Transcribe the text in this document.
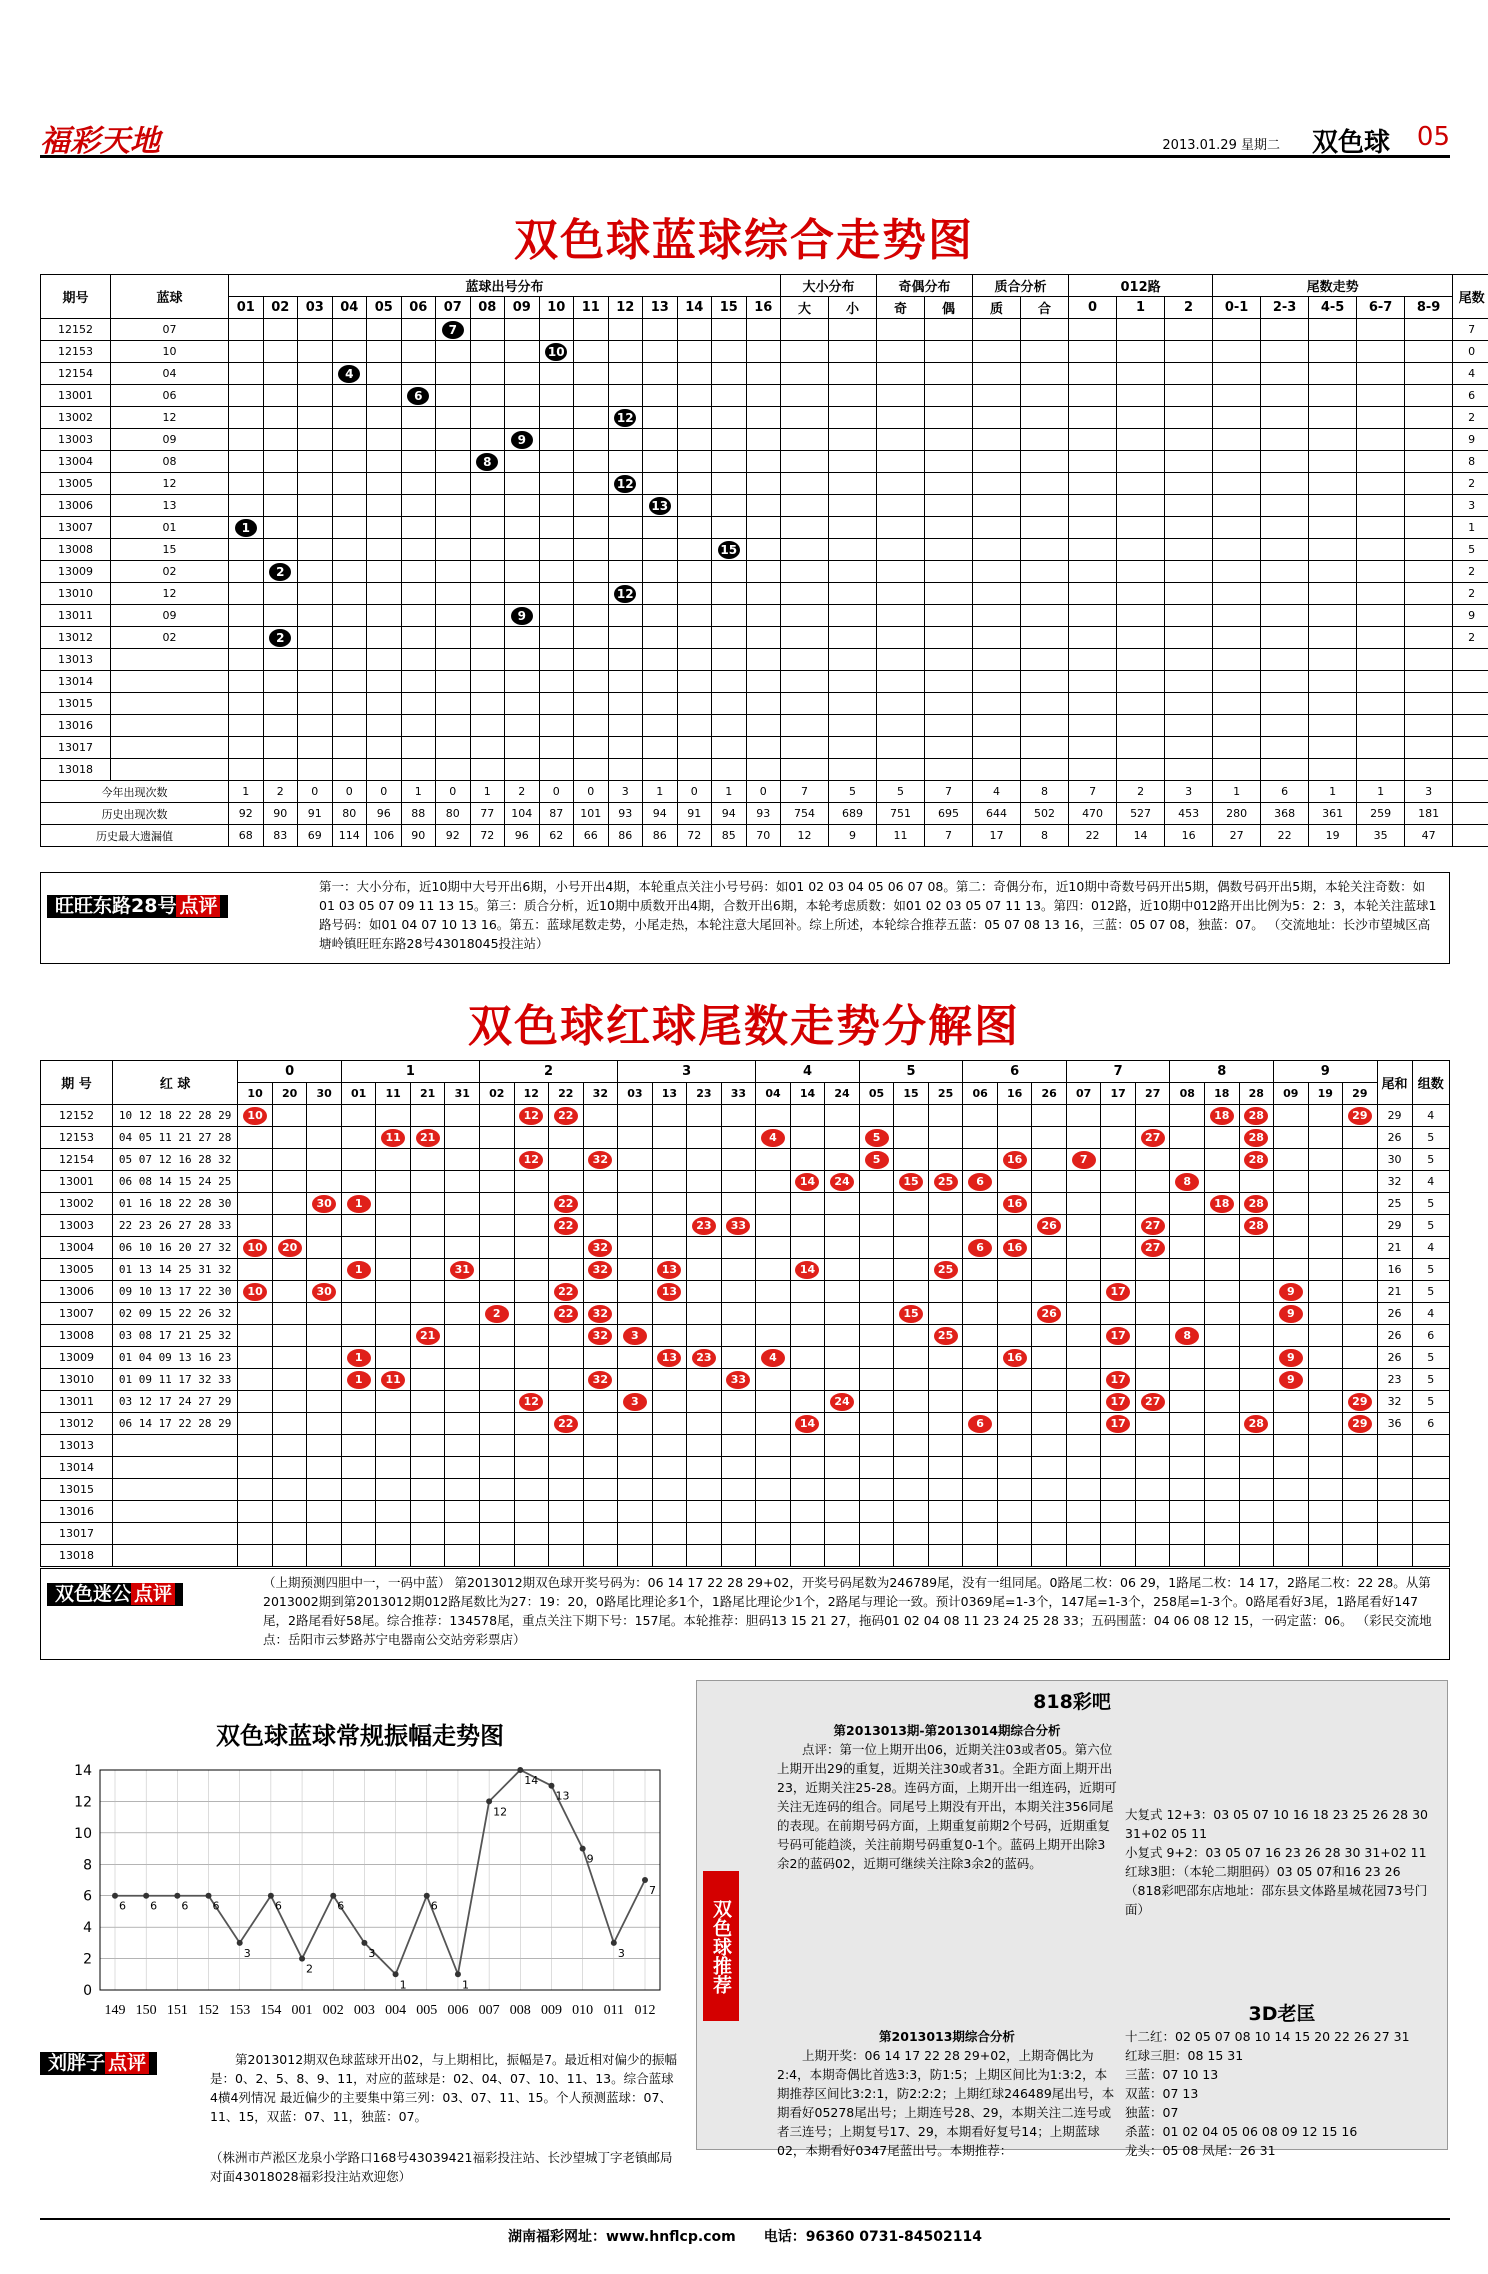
福彩天地	2013.01.29 星期二 双色球 05
双色球蓝球综合走势图
期号	蓝球	蓝球出号分布																大小分布		奇偶分布		质合分析		012路			尾数走势					尾数
		01	02	03	04	05	06	07	08	09	10	11	12	13	14	15	16	大	小	奇	偶	质	合	0	1	2	0-1	2-3	4-5	6-7	8-9	
12152	07							7																								7
12153	10										10																					0
12154	04				4																											4
13001	06						6																									6
13002	12												12																			2
13003	09									9																						9
13004	08								8																							8
13005	12												12																			2
13006	13													13																		3
13007	01	1																														1
13008	15															15																5
13009	02		2																													2
13010	12												12																			2
13011	09									9																						9
13012	02		2																													2
13013																																
13014																																
13015																																
13016																																
13017																																
13018																																
今年出现次数		1	2	0	0	0	1	0	1	2	0	0	3	1	0	1	0	7	5	5	7	4	8	7	2	3	1	6	1	1	3	
历史出现次数		92	90	91	80	96	88	80	77	104	87	101	93	94	91	94	93	754	689	751	695	644	502	470	527	453	280	368	361	259	181	
历史最大遗漏值		68	83	69	114	106	90	92	72	96	62	66	86	86	72	85	70	12	9	11	7	17	8	22	14	16	27	22	19	35	47	
旺旺东路28号 点评
第一：大小分布，近10期中大号开出6期，小号开出4期，本轮重点关注小号号码：如01 02 03 04 05 06 07 08。第二：奇偶分布，近10期中奇数号码开出5期，偶数号码开出5期，本轮关注奇数：如01 03 05 07 09 11 13 15。第三：质合分析，近10期中质数开出4期，合数开出6期，本轮考虑质数：如01 02 03 05 07 11 13。第四：012路，近10期中012路开出比例为5：2：3，本轮关注蓝球1路号码：如01 04 07 10 13 16。第五：蓝球尾数走势，小尾走热，本轮注意大尾回补。综上所述，本轮综合推荐五蓝：05 07 08 13 16，三蓝：05 07 08，独蓝：07。 （交流地址：长沙市望城区高塘岭镇旺旺东路28号43018045投注站）
双色球红球尾数走势分解图
期 号	红 球	0			1				2				3				4			5			6			7			8			9			尾和	组数
		10	20	30	01	11	21	31	02	12	22	32	03	13	23	33	04	14	24	05	15	25	06	16	26	07	17	27	08	18	28	09	19	29		
12152	10 12 18 22 28 29	10								12	22																			18	28			29	29	4
12153	04 05 11 21 27 28					11	21										4			5								27			28				26	5
12154	05 07 12 16 28 32									12		32								5				16		7					28				30	5
13001	06 08 14 15 24 25																	14	24		15	25	6						8						32	4
13002	01 16 18 22 28 30			30	1						22													16						18	28				25	5
13003	22 23 26 27 28 33										22				23	33									26			27			28				29	5
13004	06 10 16 20 27 32	10	20									32											6	16				27							21	4
13005	01 13 14 25 31 32				1			31				32		13				14				25													16	5
13006	09 10 13 17 22 30	10		30							22			13													17					9			21	5
13007	02 09 15 22 26 32								2		22	32									15				26							9			26	4
13008	03 08 17 21 25 32						21					32	3									25					17		8						26	6
13009	01 04 09 13 16 23				1									13	23		4							16								9			26	5
13010	01 09 11 17 32 33				1	11						32				33											17					9			23	5
13011	03 12 17 24 27 29									12			3						24								17	27						29	32	5
13012	06 14 17 22 28 29										22							14					6				17				28			29	36	6
13013																																				
13014																																				
13015																																				
13016																																				
13017																																				
13018																																				
双色迷公 点评
（上期预测四胆中一，一码中蓝） 第2013012期双色球开奖号码为：06 14 17 22 28 29+02，开奖号码尾数为246789尾，没有一组同尾。0路尾二枚：06 29，1路尾二枚：14 17，2路尾二枚：22 28。从第2013002期到第2013012期012路尾数比为27：19：20，0路尾比理论多1个，1路尾比理论少1个，2路尾与理论一致。预计0369尾=1-3个，147尾=1-3个，258尾=1-3个。0路尾看好3尾，1路尾看好147尾，2路尾看好58尾。综合推荐：134578尾，重点关注下期下号：157尾。本轮推荐：胆码13 15 21 27，拖码01 02 04 08 11 23 24 25 28 33；五码围蓝：04 06 08 12 15，一码定蓝：06。 （彩民交流地点：岳阳市云梦路苏宁电器南公交站旁彩票店）
双色球蓝球常规振幅走势图
0
2
4
6
8
10
12
14
149 150 151 152 153 154 001 002 003 004 005 006 007 008 009 010 011 012
6 6 6 6
3
6
2
6
3
1
6
1
12
14
13
9
3
7
刘胖子 点评	第2013012期双色球蓝球开出02，与上期相比，振幅是7。最近相对偏少的振幅是：0、2、5、8、9、11，对应的蓝球是：02、04、07、10、11、13。综合蓝球4横4列情况 最近偏少的主要集中第三列：03、07、11、15。个人预测蓝球：07、11、15，双蓝：07、11，独蓝：07。
（株洲市芦淞区龙泉小学路口168号43039421福彩投注站、长沙望城丁字老镇邮局对面43018028福彩投注站欢迎您）
818彩吧
双色球推荐
第2013013期-第2013014期综合分析
点评：第一位上期开出06，近期关注03或者05。第六位上期开出29的重复，近期关注30或者31。全距方面上期开出23，近期关注25-28。连码方面，上期开出一组连码，近期可关注无连码的组合。同尾号上期没有开出，本期关注356同尾的表现。在前期号码方面，上期重复前期2个号码，近期重复号码可能趋淡，关注前期号码重复0-1个。蓝码上期开出除3余2的蓝码02，近期可继续关注除3余2的蓝码。
大复式 12+3：03 05 07 10 16 18 23 25 26 28 30 31+02 05 11
小复式 9+2：03 05 07 16 23 26 28 30 31+02 11
红球3胆：（本轮二期胆码）03 05 07和16 23 26
（818彩吧邵东店地址：邵东县文体路星城花园73号门面）
3D老匡
第2013013期综合分析
上期开奖：06 14 17 22 28 29+02，上期奇偶比为2:4，本期奇偶比首选3:3，防1:5；上期区间比为1:3:2，本期推荐区间比3:2:1，防2:2:2；上期红球246489尾出号，本期看好05278尾出号；上期连号28、29，本期关注二连号或者三连号；上期复号17、29，本期看好复号14；上期蓝球02，本期看好0347尾蓝出号。本期推荐：
十二红：02 05 07 08 10 14 15 20 22 26 27 31
红球三胆：08 15 31
三蓝：07 10 13
双蓝：07 13
独蓝：07
杀蓝：01 02 04 05 06 08 09 12 15 16
龙头：05 08 凤尾：26 31
湖南福彩网址：www.hnflcp.com　　电话：96360 0731-84502114
